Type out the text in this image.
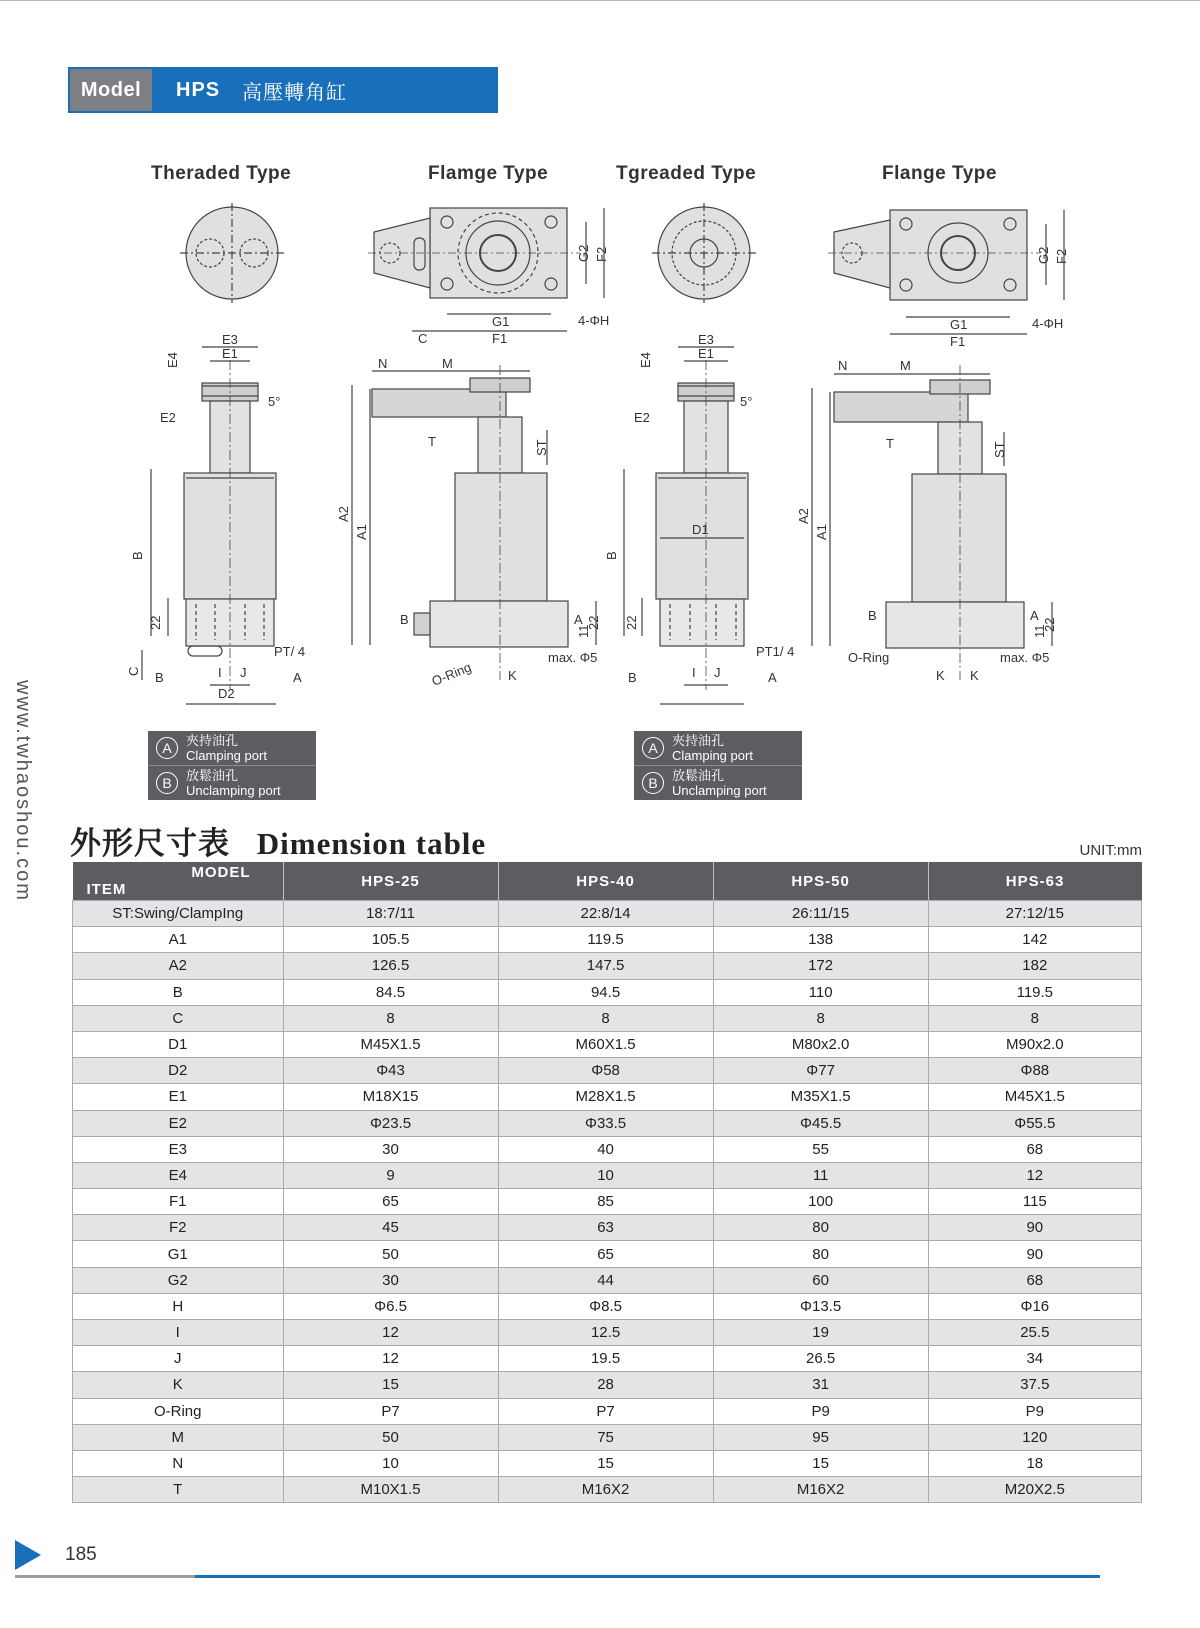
Model	HPS 高壓轉角缸
www.twhaoshou.com
Theraded Type	Flamge Type	Tgreaded Type	Flange Type
E3
E1
E2
5°
PT/ 4
D2
I J
B	A
G1
F1
C
4-ΦH
N	M
T
B	A
max. Φ5
K
O-Ring
E3
E1
E2
5°
D1
PT1/ 4
I J
B	A
G1
F1
4-ΦH
N	M
T
B	A
max. Φ5
O-Ring
K K
E4
B
22
C
G2 F2
A2
A1
ST
22
11
E4
B
22
G2 F2
A2
A1
ST
22
11
A	夾持油孔
Clamping port
B	放鬆油孔
Unclamping port
A	夾持油孔
Clamping port
B	放鬆油孔
Unclamping port
外形尺寸表 Dimension table	UNIT:mm
MODEL
ITEM	HPS-25	HPS-40	HPS-50	HPS-63
ST:Swing/ClampIng	18:7/11	22:8/14	26:11/15	27:12/15
A1	105.5	119.5	138	142
A2	126.5	147.5	172	182
B	84.5	94.5	110	119.5
C	8	8	8	8
D1	M45X1.5	M60X1.5	M80x2.0	M90x2.0
D2	Φ43	Φ58	Φ77	Φ88
E1	M18X15	M28X1.5	M35X1.5	M45X1.5
E2	Φ23.5	Φ33.5	Φ45.5	Φ55.5
E3	30	40	55	68
E4	9	10	11	12
F1	65	85	100	115
F2	45	63	80	90
G1	50	65	80	90
G2	30	44	60	68
H	Φ6.5	Φ8.5	Φ13.5	Φ16
I	12	12.5	19	25.5
J	12	19.5	26.5	34
K	15	28	31	37.5
O-Ring	P7	P7	P9	P9
M	50	75	95	120
N	10	15	15	18
T	M10X1.5	M16X2	M16X2	M20X2.5
185
